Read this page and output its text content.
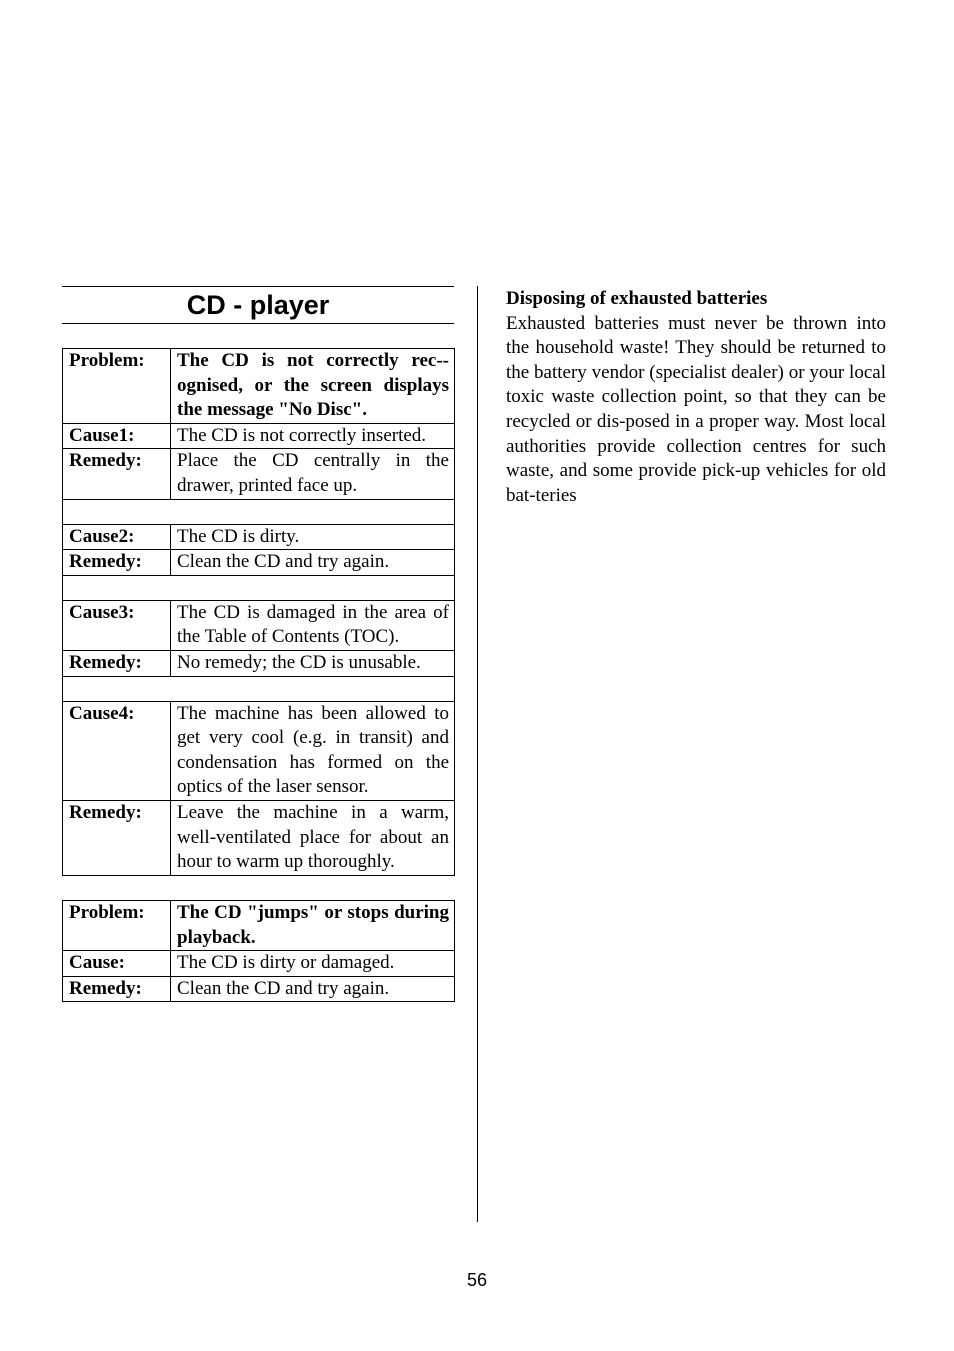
CD - player
Problem:	The CD is not correctly rec-ognised, or the screen displays the message "No Disc".
Cause1:	The CD is not correctly inserted.
Remedy:	Place the CD centrally in the drawer, printed face up.

Cause2:	The CD is dirty.
Remedy:	Clean the CD and try again.

Cause3:	The CD is damaged in the area of the Table of Contents (TOC).
Remedy:	No remedy; the CD is unusable.

Cause4:	The machine has been allowed to get very cool (e.g. in transit) and condensation has formed on the optics of the laser sensor.
Remedy:	Leave the machine in a warm, well-ventilated place for about an hour to warm up thoroughly.
Problem:	The CD "jumps" or stops during playback.
Cause:	The CD is dirty or damaged.
Remedy:	Clean the CD and try again.
Disposing of exhausted batteries

Exhausted batteries must never be thrown into the household waste! They should be returned to the battery vendor (specialist dealer) or your local toxic waste collection point, so that they can be recycled or dis-posed in a proper way. Most local authorities provide collection centres for such waste, and some provide pick-up vehicles for old bat-teries

56
